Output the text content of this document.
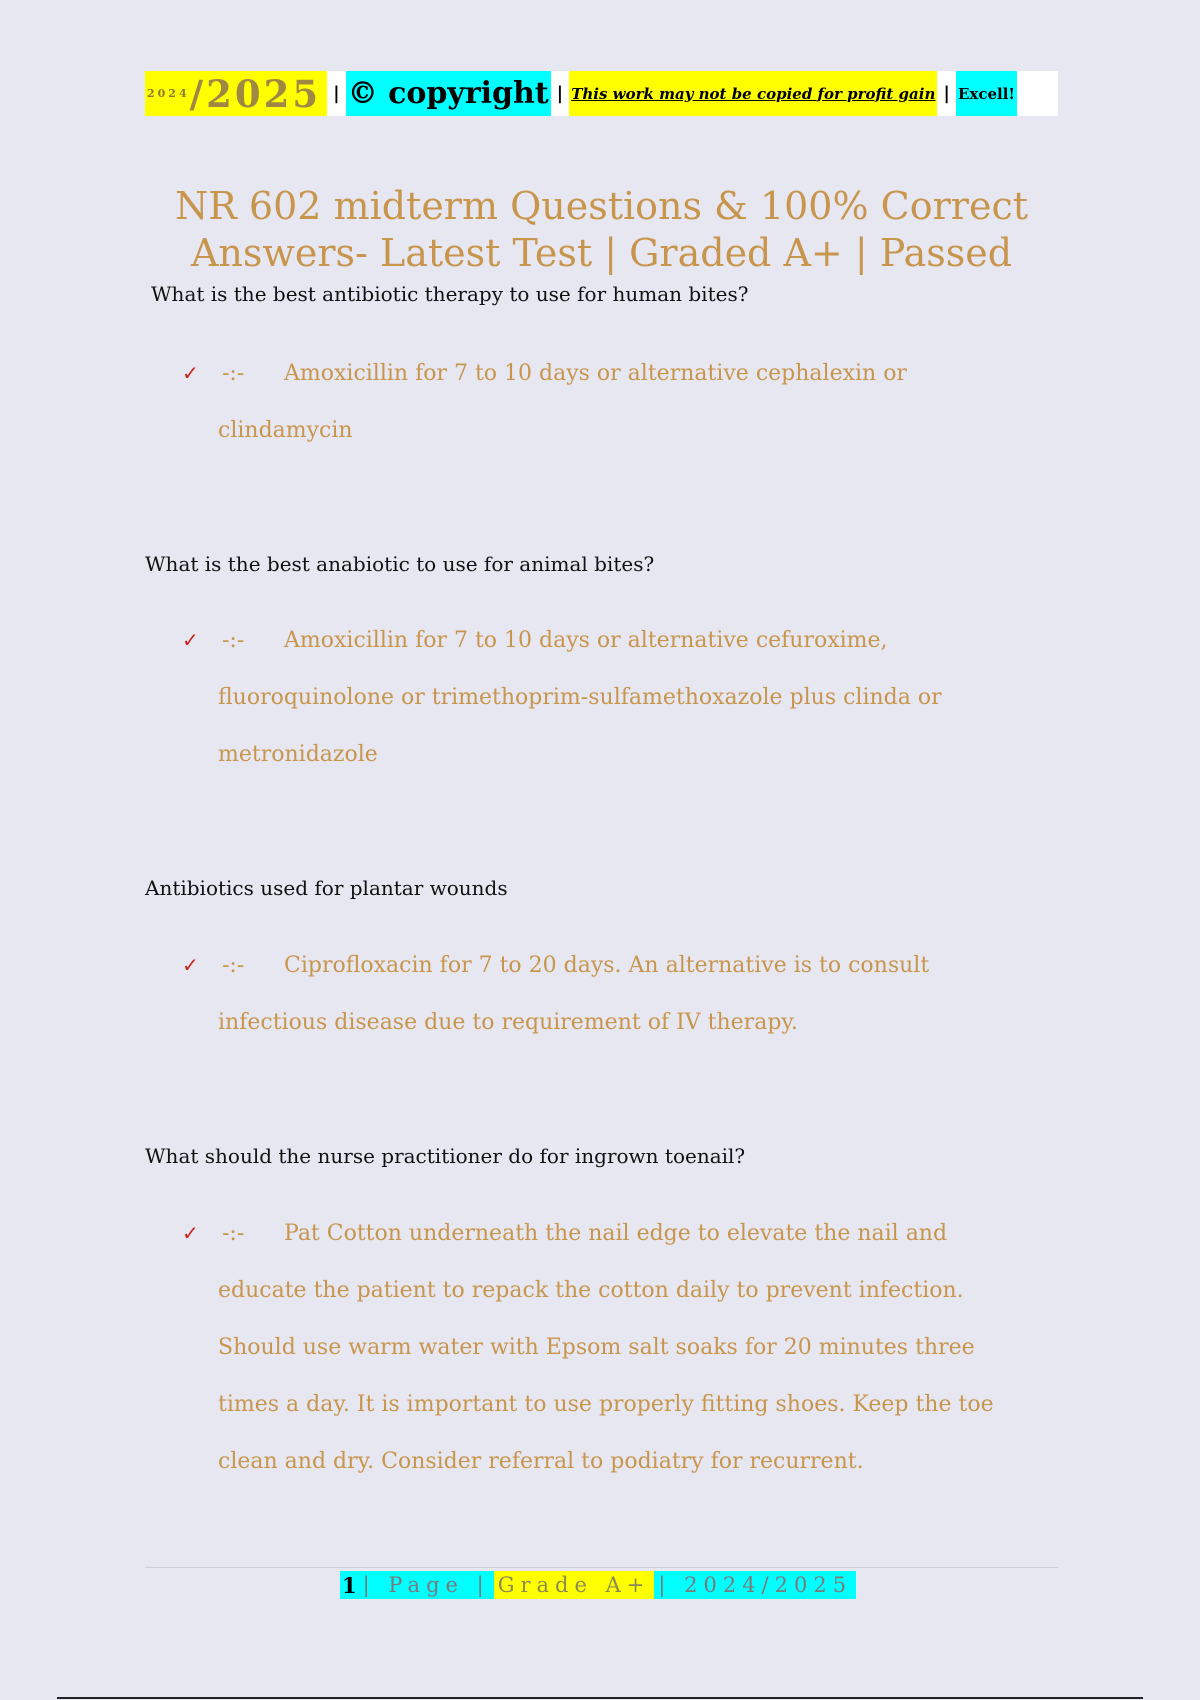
2024 /2025 | © copyright | This work may not be copied for profit gain | Excell!
NR 602 midterm Questions & 100% Correct
Answers- Latest Test | Graded A+ | Passed

What is the best antibiotic therapy to use for human bites?

✓ -:- Amoxicillin for 7 to 10 days or alternative cephalexin or
clindamycin

What is the best anabiotic to use for animal bites?

✓ -:- Amoxicillin for 7 to 10 days or alternative cefuroxime,
fluoroquinolone or trimethoprim-sulfamethoxazole plus clinda or
metronidazole

Antibiotics used for plantar wounds

✓ -:- Ciprofloxacin for 7 to 20 days. An alternative is to consult
infectious disease due to requirement of IV therapy.

What should the nurse practitioner do for ingrown toenail?

✓ -:- Pat Cotton underneath the nail edge to elevate the nail and
educate the patient to repack the cotton daily to prevent infection.
Should use warm water with Epsom salt soaks for 20 minutes three
times a day. It is important to use properly fitting shoes. Keep the toe
clean and dry. Consider referral to podiatry for recurrent.
1 | Page | Grade A+ | 2024/2025
